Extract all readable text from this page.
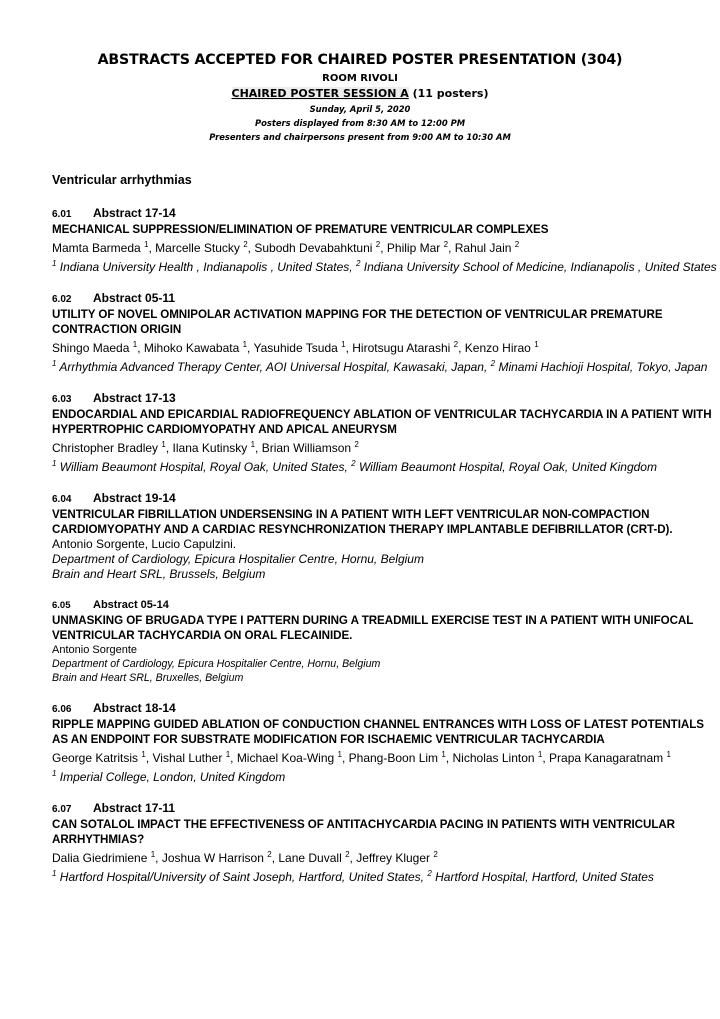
ABSTRACTS ACCEPTED FOR CHAIRED POSTER PRESENTATION (304)
ROOM RIVOLI
CHAIRED POSTER SESSION A (11 posters)
Sunday, April 5, 2020
Posters displayed from 8:30 AM to 12:00 PM
Presenters and chairpersons present from 9:00 AM to 10:30 AM
Ventricular arrhythmias
6.01 Abstract 17-14
MECHANICAL SUPPRESSION/ELIMINATION OF PREMATURE VENTRICULAR COMPLEXES
Mamta Barmeda $^1$, Marcelle Stucky $^2$, Subodh Devabahktuni $^2$, Philip Mar $^2$, Rahul Jain $^2$
$^1$ Indiana University Health , Indianapolis , United States, $^2$ Indiana University School of Medicine, Indianapolis , United States
6.02 Abstract 05-11
UTILITY OF NOVEL OMNIPOLAR ACTIVATION MAPPING FOR THE DETECTION OF VENTRICULAR PREMATURE CONTRACTION ORIGIN
Shingo Maeda $^1$, Mihoko Kawabata $^1$, Yasuhide Tsuda $^1$, Hirotsugu Atarashi $^2$, Kenzo Hirao $^1$
$^1$ Arrhythmia Advanced Therapy Center, AOI Universal Hospital, Kawasaki, Japan, $^2$ Minami Hachioji Hospital, Tokyo, Japan
6.03 Abstract 17-13
ENDOCARDIAL AND EPICARDIAL RADIOFREQUENCY ABLATION OF VENTRICULAR TACHYCARDIA IN A PATIENT WITH HYPERTROPHIC CARDIOMYOPATHY AND APICAL ANEURYSM
Christopher Bradley $^1$, Ilana Kutinsky $^1$, Brian Williamson $^2$
$^1$ William Beaumont Hospital, Royal Oak, United States, $^2$ William Beaumont Hospital, Royal Oak, United Kingdom
6.04 Abstract 19-14
VENTRICULAR FIBRILLATION UNDERSENSING IN A PATIENT WITH LEFT VENTRICULAR NON-COMPACTION CARDIOMYOPATHY AND A CARDIAC RESYNCHRONIZATION THERAPY IMPLANTABLE DEFIBRILLATOR (CRT-D).
Antonio Sorgente, Lucio Capulzini.
Department of Cardiology, Epicura Hospitalier Centre, Hornu, Belgium
Brain and Heart SRL, Brussels, Belgium
6.05 Abstract 05-14
UNMASKING OF BRUGADA TYPE I PATTERN DURING A TREADMILL EXERCISE TEST IN A PATIENT WITH UNIFOCAL VENTRICULAR TACHYCARDIA ON ORAL FLECAINIDE.
Antonio Sorgente
Department of Cardiology, Epicura Hospitalier Centre, Hornu, Belgium
Brain and Heart SRL, Bruxelles, Belgium
6.06 Abstract 18-14
RIPPLE MAPPING GUIDED ABLATION OF CONDUCTION CHANNEL ENTRANCES WITH LOSS OF LATEST POTENTIALS AS AN ENDPOINT FOR SUBSTRATE MODIFICATION FOR ISCHAEMIC VENTRICULAR TACHYCARDIA
George Katritsis $^1$, Vishal Luther $^1$, Michael Koa-Wing $^1$, Phang-Boon Lim $^1$, Nicholas Linton $^1$, Prapa Kanagaratnam $^1$
$^1$ Imperial College, London, United Kingdom
6.07 Abstract 17-11
CAN SOTALOL IMPACT THE EFFECTIVENESS OF ANTITACHYCARDIA PACING IN PATIENTS WITH VENTRICULAR ARRHYTHMIAS?
Dalia Giedrimiene $^1$, Joshua W Harrison $^2$, Lane Duvall $^2$, Jeffrey Kluger $^2$
$^1$ Hartford Hospital/University of Saint Joseph, Hartford, United States, $^2$ Hartford Hospital, Hartford, United States
